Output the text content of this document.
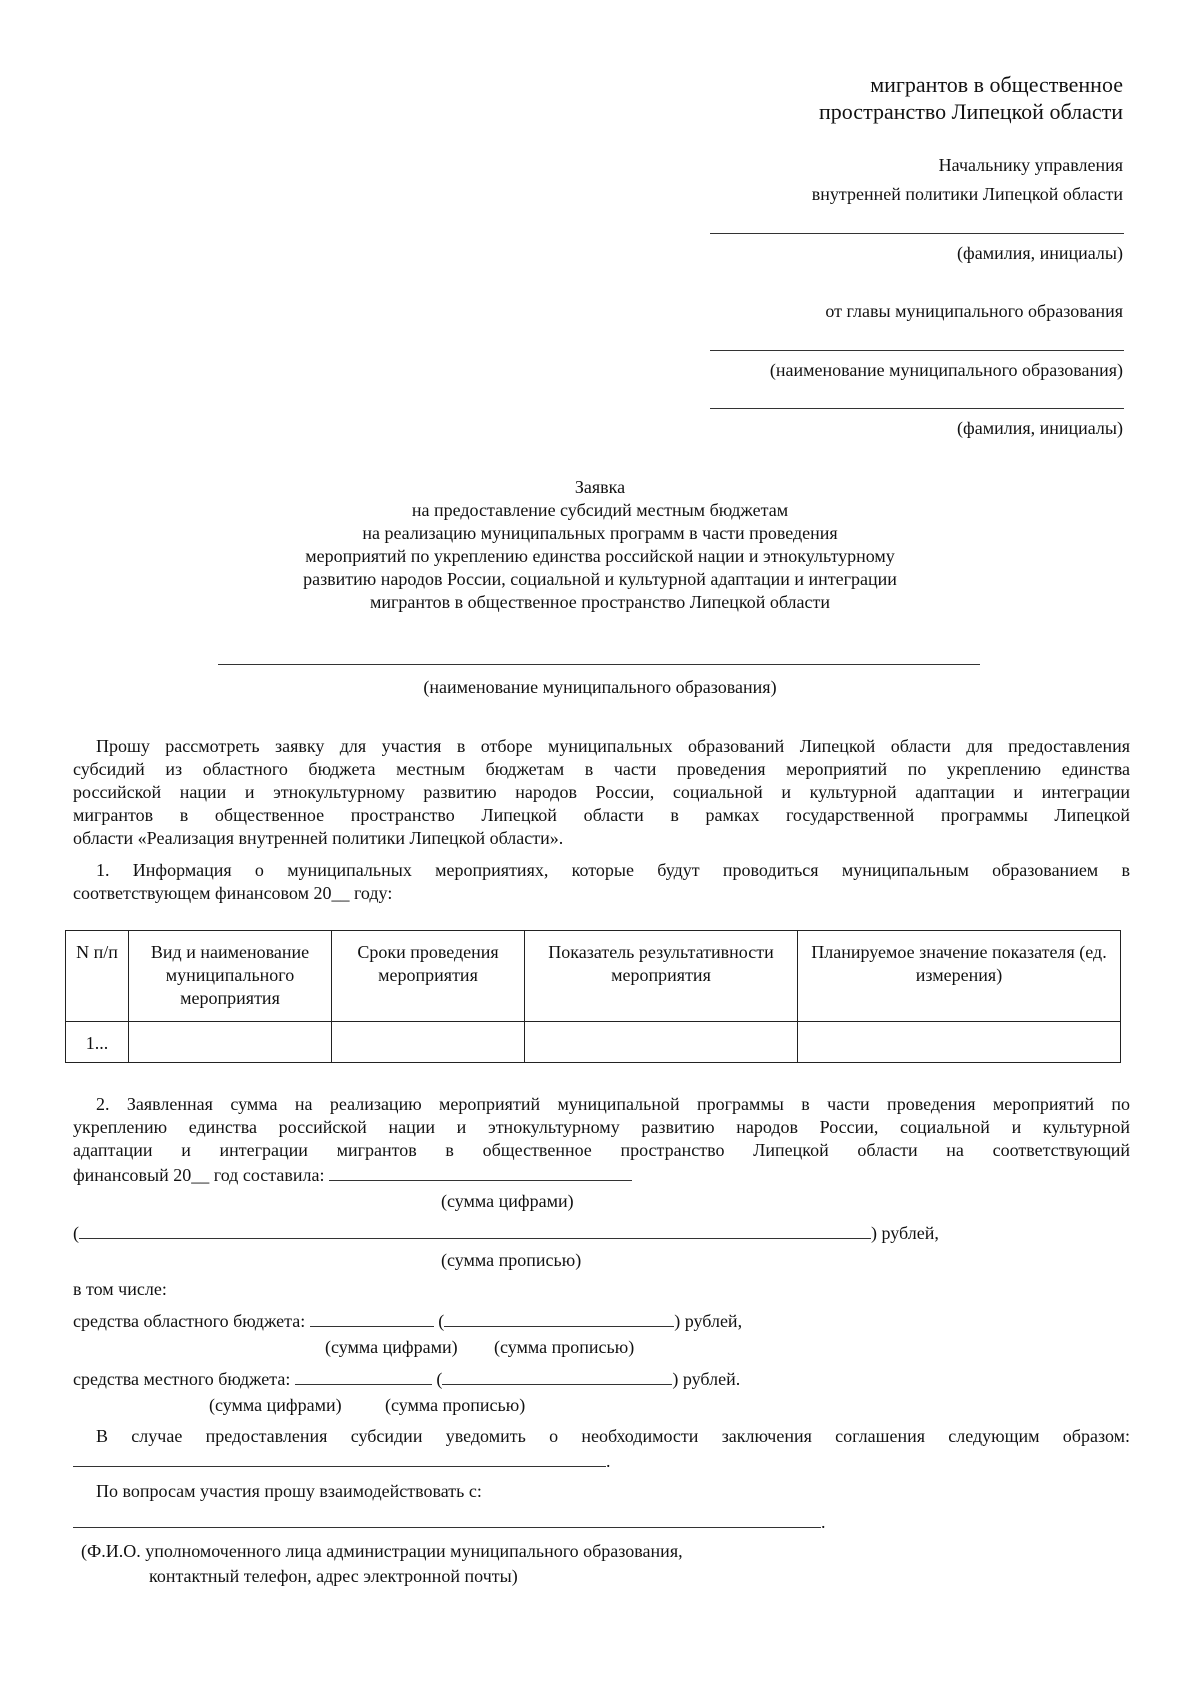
мигрантов в общественное
пространство Липецкой области
Начальнику управления
внутренней политики Липецкой области
(фамилия, инициалы)
от главы муниципального образования
(наименование муниципального образования)
(фамилия, инициалы)
Заявка
на предоставление субсидий местным бюджетам
на реализацию муниципальных программ в части проведения
мероприятий по укреплению единства российской нации и этнокультурному
развитию народов России, социальной и культурной адаптации и интеграции
мигрантов в общественное пространство Липецкой области
(наименование муниципального образования)
Прошу рассмотреть заявку для участия в отборе муниципальных образований Липецкой области для предоставления
субсидий из областного бюджета местным бюджетам в части проведения мероприятий по укреплению единства
российской нации и этнокультурному развитию народов России, социальной и культурной адаптации и интеграции
мигрантов в общественное пространство Липецкой области в рамках государственной программы Липецкой
области «Реализация внутренней политики Липецкой области».
1. Информация о муниципальных мероприятиях, которые будут проводиться муниципальным образованием в
соответствующем финансовом 20__ году:
N п/п	Вид и наименование муниципального мероприятия	Сроки проведения мероприятия	Показатель результативности мероприятия	Планируемое значение показателя (ед. измерения)
1...				
2. Заявленная сумма на реализацию мероприятий муниципальной программы в части проведения мероприятий по
укреплению единства российской нации и этнокультурному развитию народов России, социальной и культурной
адаптации и интеграции мигрантов в общественное пространство Липецкой области на соответствующий
финансовый 20__ год составила:
(сумма цифрами)
(	) рублей,
(сумма прописью)
в том числе:
средства областного бюджета:	(	) рублей,
(сумма цифрами) (сумма прописью)
средства местного бюджета:	(	) рублей.
(сумма цифрами) (сумма прописью)
В случае предоставления субсидии уведомить о необходимости заключения соглашения следующим образом:
.
По вопросам участия прошу взаимодействовать с:
.
(Ф.И.О. уполномоченного лица администрации муниципального образования,
контактный телефон, адрес электронной почты)
